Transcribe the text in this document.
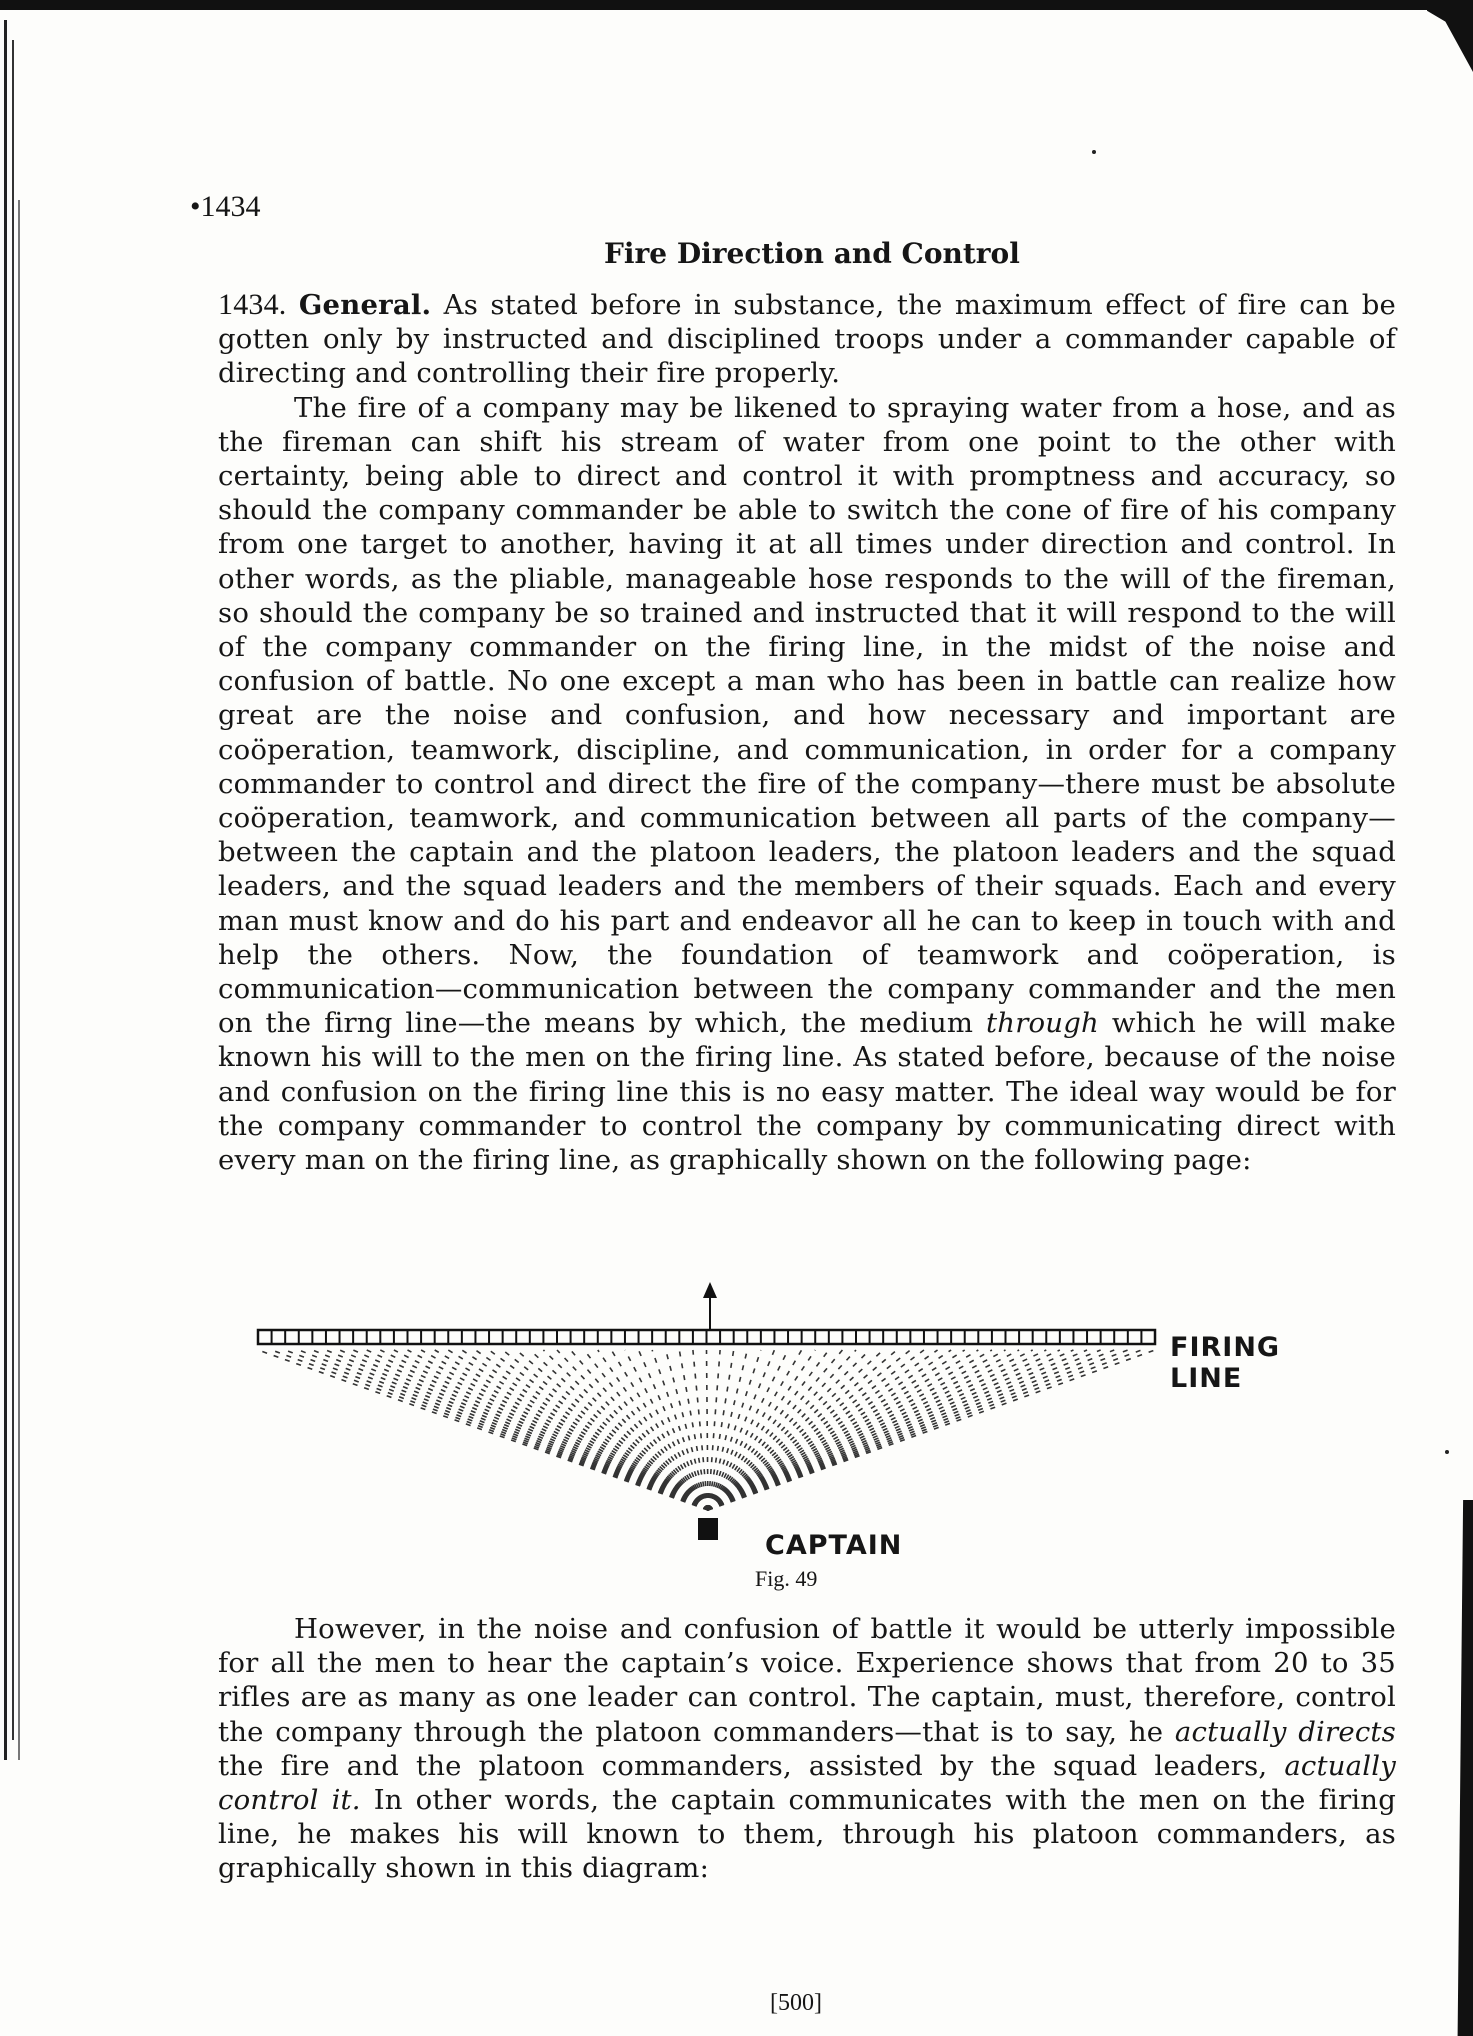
•1434
Fire Direction and Control

1434. General. As stated before in substance, the maximum effect of fire can be gotten only by instructed and disciplined troops under a commander capable of directing and controlling their fire properly.

The fire of a company may be likened to spraying water from a hose, and as the fireman can shift his stream of water from one point to the other with certainty, being able to direct and control it with promptness and accuracy, so should the company commander be able to switch the cone of fire of his company from one target to another, having it at all times under direction and control. In other words, as the pliable, manageable hose responds to the will of the fireman, so should the company be so trained and instructed that it will respond to the will of the company commander on the firing line, in the midst of the noise and confusion of battle. No one except a man who has been in battle can realize how great are the noise and confusion, and how necessary and important are coöperation, teamwork, discipline, and communication, in order for a company commander to control and direct the fire of the company—there must be absolute coöperation, teamwork, and communication between all parts of the company—between the captain and the platoon leaders, the platoon leaders and the squad leaders, and the squad leaders and the members of their squads. Each and every man must know and do his part and endeavor all he can to keep in touch with and help the others. Now, the foundation of teamwork and coöperation, is communication—communication between the company commander and the men on the firng line—the means by which, the medium through which he will make known his will to the men on the firing line. As stated before, because of the noise and confusion on the firing line this is no easy matter. The ideal way would be for the company commander to control the company by communicating direct with every man on the firing line, as graphically shown on the following page:

FIRING LINE
CAPTAIN
Fig. 49

However, in the noise and confusion of battle it would be utterly impossible for all the men to hear the captain’s voice. Experience shows that from 20 to 35 rifles are as many as one leader can control. The captain, must, therefore, control the company through the platoon commanders—that is to say, he actually directs the fire and the platoon commanders, assisted by the squad leaders, actually control it. In other words, the captain communicates with the men on the firing line, he makes his will known to them, through his platoon commanders, as graphically shown in this diagram:

[500]
